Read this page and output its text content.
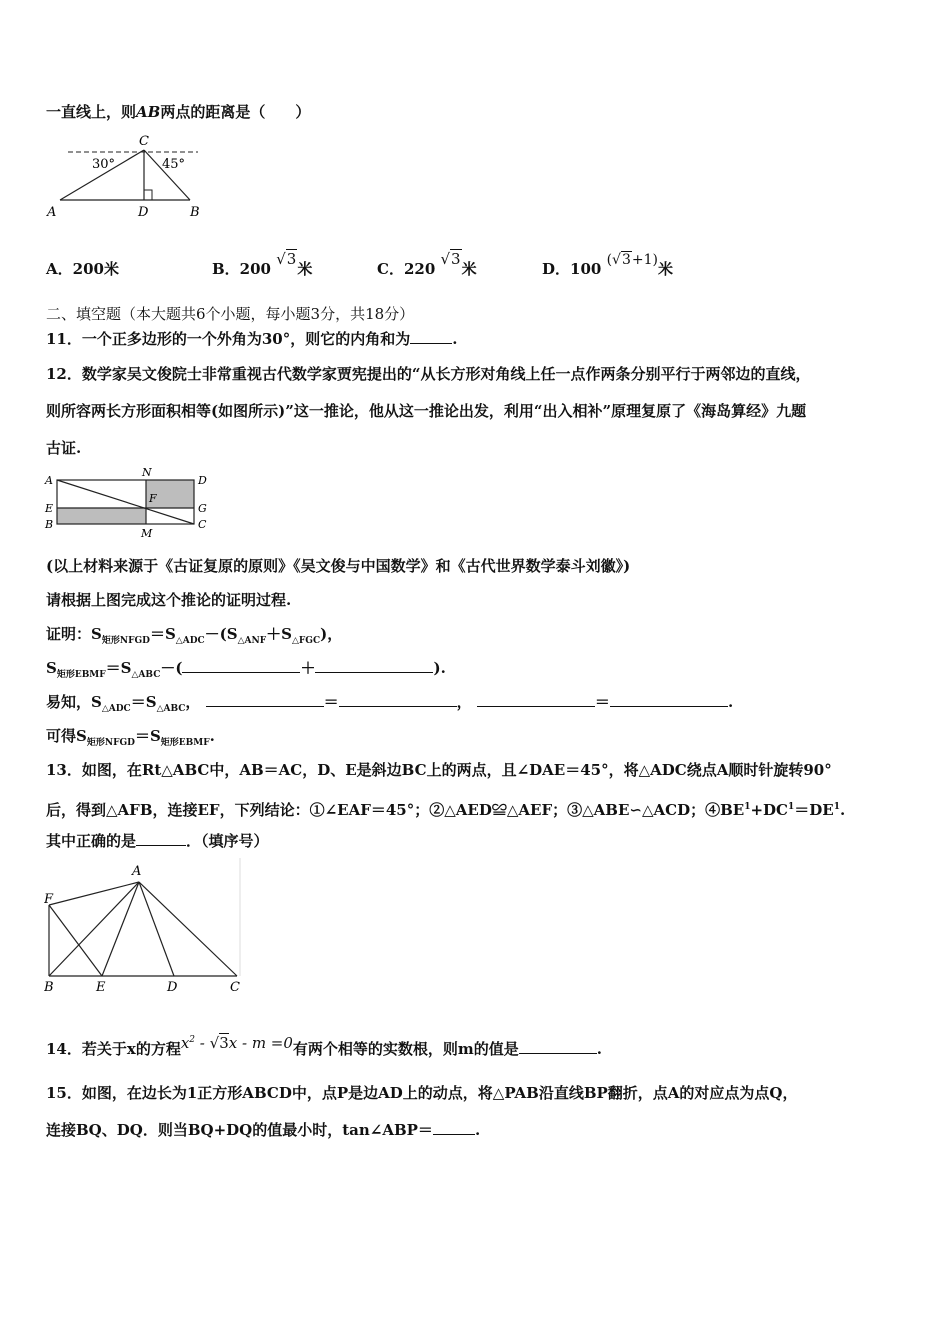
一直线上，则AB两点的距离是（　　）
C
A	D	B
30°	45°
A．200米	B．200 √3米	C．220 √3米	D．100 (√3+1)米
二、填空题（本大题共6个小题，每小题3分，共18分）
11．一个正多边形的一个外角为30°，则它的内角和为	.
12．数学家吴文俊院士非常重视古代数学家贾宪提出的“从长方形对角线上任一点作两条分别平行于两邻边的直线，
则所容两长方形面积相等(如图所示)”这一推论，他从这一推论出发，利用“出入相补”原理复原了《海岛算经》九题
古证.
A
N
D
F
E	G
B
M
C
(以上材料来源于《古证复原的原则》《吴文俊与中国数学》和《古代世界数学泰斗刘徽》)
请根据上图完成这个推论的证明过程.
证明：$S_{矩形NFGD}=S_{\triangle ADC}-(S_{\triangle ANF}+S_{\triangle FGC})$，
$S_{矩形EBMF}=S_{\triangle ABC}-$(	＋	).
易知，$S_{\triangle ADC}=S_{\triangle ABC}$，	＝	，	＝	.
可得$S_{矩形NFGD}=S_{矩形EBMF}$.
13．如图，在Rt△ABC中，AB＝AC，D、E是斜边BC上的两点，且∠DAE＝45°，将△ADC绕点A顺时针旋转90°
后，得到△AFB，连接EF，下列结论：①∠EAF＝45°；②△AED≌△AEF；③△ABE∽△ACD；$④BE^1+DC^1=DE^1$.
其中正确的是	．（填序号）
A
F
B	E	D	C
14．若关于x的方程$x^2 - √3x - m =0$有两个相等的实数根，则m的值是	.
15．如图，在边长为1正方形ABCD中，点P是边AD上的动点，将△PAB沿直线BP翻折，点A的对应点为点Q，
连接BQ、DQ．则当BQ+DQ的值最小时，tan∠ABP＝	.
